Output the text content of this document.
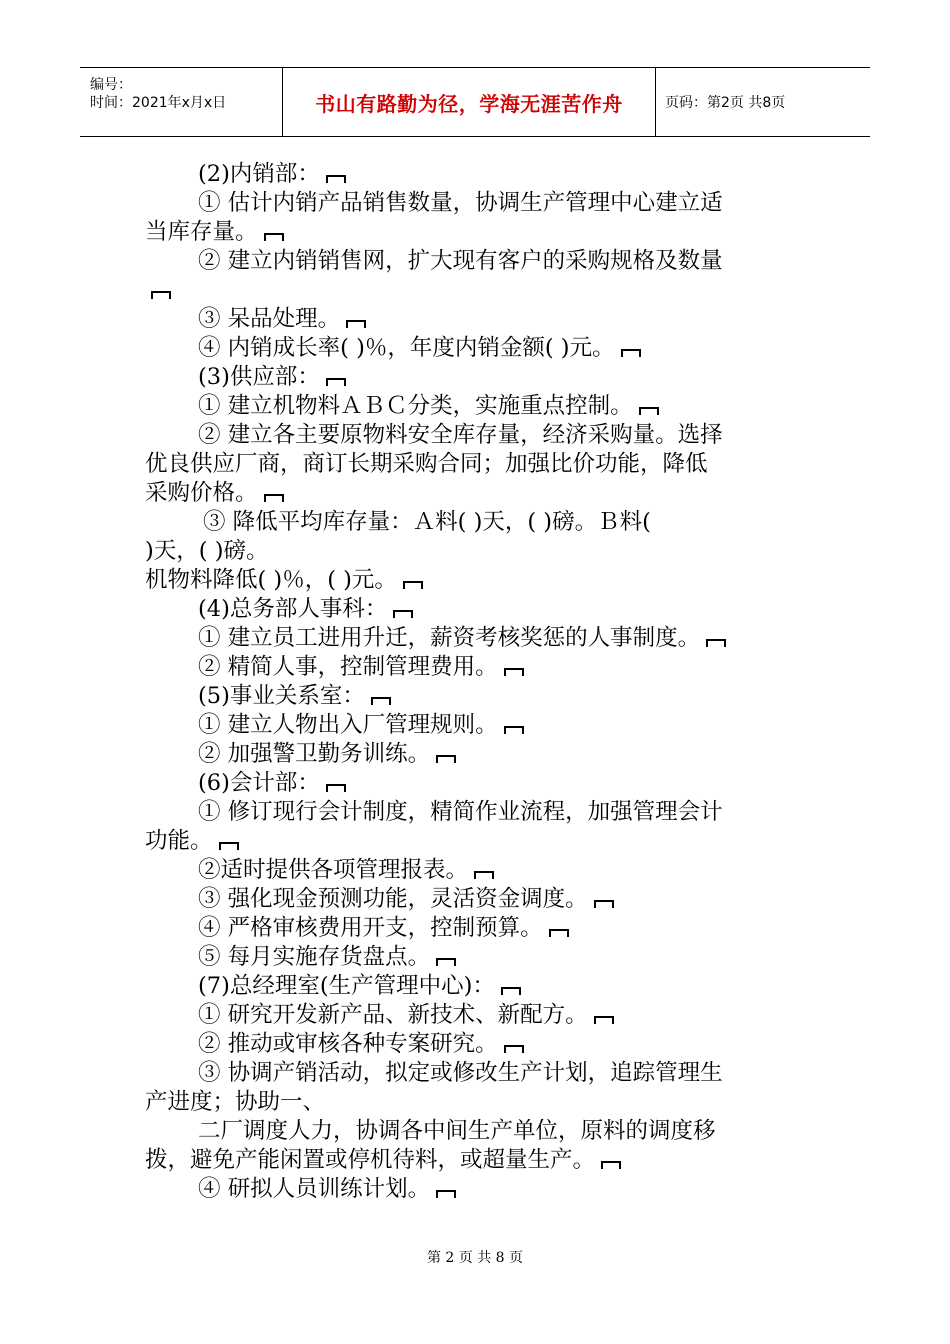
编号：
时间：2021年x月x日	书山有路勤为径，学海无涯苦作舟	页码：第2页 共8页
(2)内销部：
① 估计内销产品销售数量，协调生产管理中心建立适
当库存量。
② 建立内销销售网，扩大现有客户的采购规格及数量
③ 呆品处理。
④ 内销成长率( )％，年度内销金额( )元。
(3)供应部：
① 建立机物料ＡＢＣ分类，实施重点控制。
② 建立各主要原物料安全库存量，经济采购量。选择
优良供应厂商，商订长期采购合同；加强比价功能，降低
采购价格。
③ 降低平均库存量：Ａ料( )天，( )磅。Ｂ料(
)天，( )磅。
机物料降低( )％，( )元。
(4)总务部人事科：
① 建立员工进用升迁，薪资考核奖惩的人事制度。
② 精简人事，控制管理费用。
(5)事业关系室：
① 建立人物出入厂管理规则。
② 加强警卫勤务训练。
(6)会计部：
① 修订现行会计制度，精简作业流程，加强管理会计
功能。
②适时提供各项管理报表。
③ 强化现金预测功能，灵活资金调度。
④ 严格审核费用开支，控制预算。
⑤ 每月实施存货盘点。
(7)总经理室(生产管理中心)：
① 研究开发新产品、新技术、新配方。
② 推动或审核各种专案研究。
③ 协调产销活动，拟定或修改生产计划，追踪管理生
产进度；协助一、
二厂调度人力，协调各中间生产单位，原料的调度移
拨，避免产能闲置或停机待料，或超量生产。
④ 研拟人员训练计划。
第 2 页 共 8 页
